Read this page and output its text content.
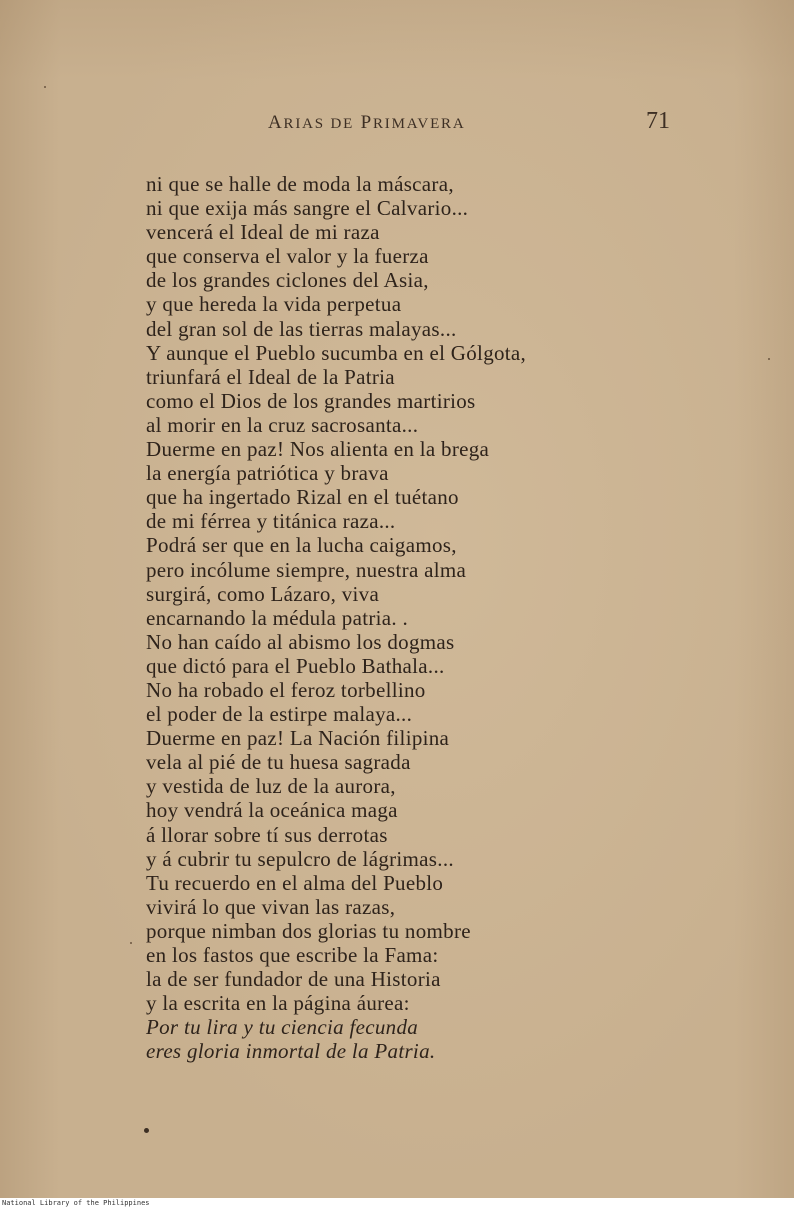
ARIAS DE PRIMAVERA	71
ni que se halle de moda la máscara,
ni que exija más sangre el Calvario...
vencerá el Ideal de mi raza
que conserva el valor y la fuerza
de los grandes ciclones del Asia,
y que hereda la vida perpetua
del gran sol de las tierras malayas...
Y aunque el Pueblo sucumba en el Gólgota,
triunfará el Ideal de la Patria
como el Dios de los grandes martirios
al morir en la cruz sacrosanta...
Duerme en paz! Nos alienta en la brega
la energía patriótica y brava
que ha ingertado Rizal en el tuétano
de mi férrea y titánica raza...
Podrá ser que en la lucha caigamos,
pero incólume siempre, nuestra alma
surgirá, como Lázaro, viva
encarnando la médula patria. .
No han caído al abismo los dogmas
que dictó para el Pueblo Bathala...
No ha robado el feroz torbellino
el poder de la estirpe malaya...
Duerme en paz! La Nación filipina
vela al pié de tu huesa sagrada
y vestida de luz de la aurora,
hoy vendrá la oceánica maga
á llorar sobre tí sus derrotas
y á cubrir tu sepulcro de lágrimas...
Tu recuerdo en el alma del Pueblo
vivirá lo que vivan las razas,
porque nimban dos glorias tu nombre
en los fastos que escribe la Fama:
la de ser fundador de una Historia
y la escrita en la página áurea:
Por tu lira y tu ciencia fecunda
eres gloria inmortal de la Patria.
National Library of the Philippines
